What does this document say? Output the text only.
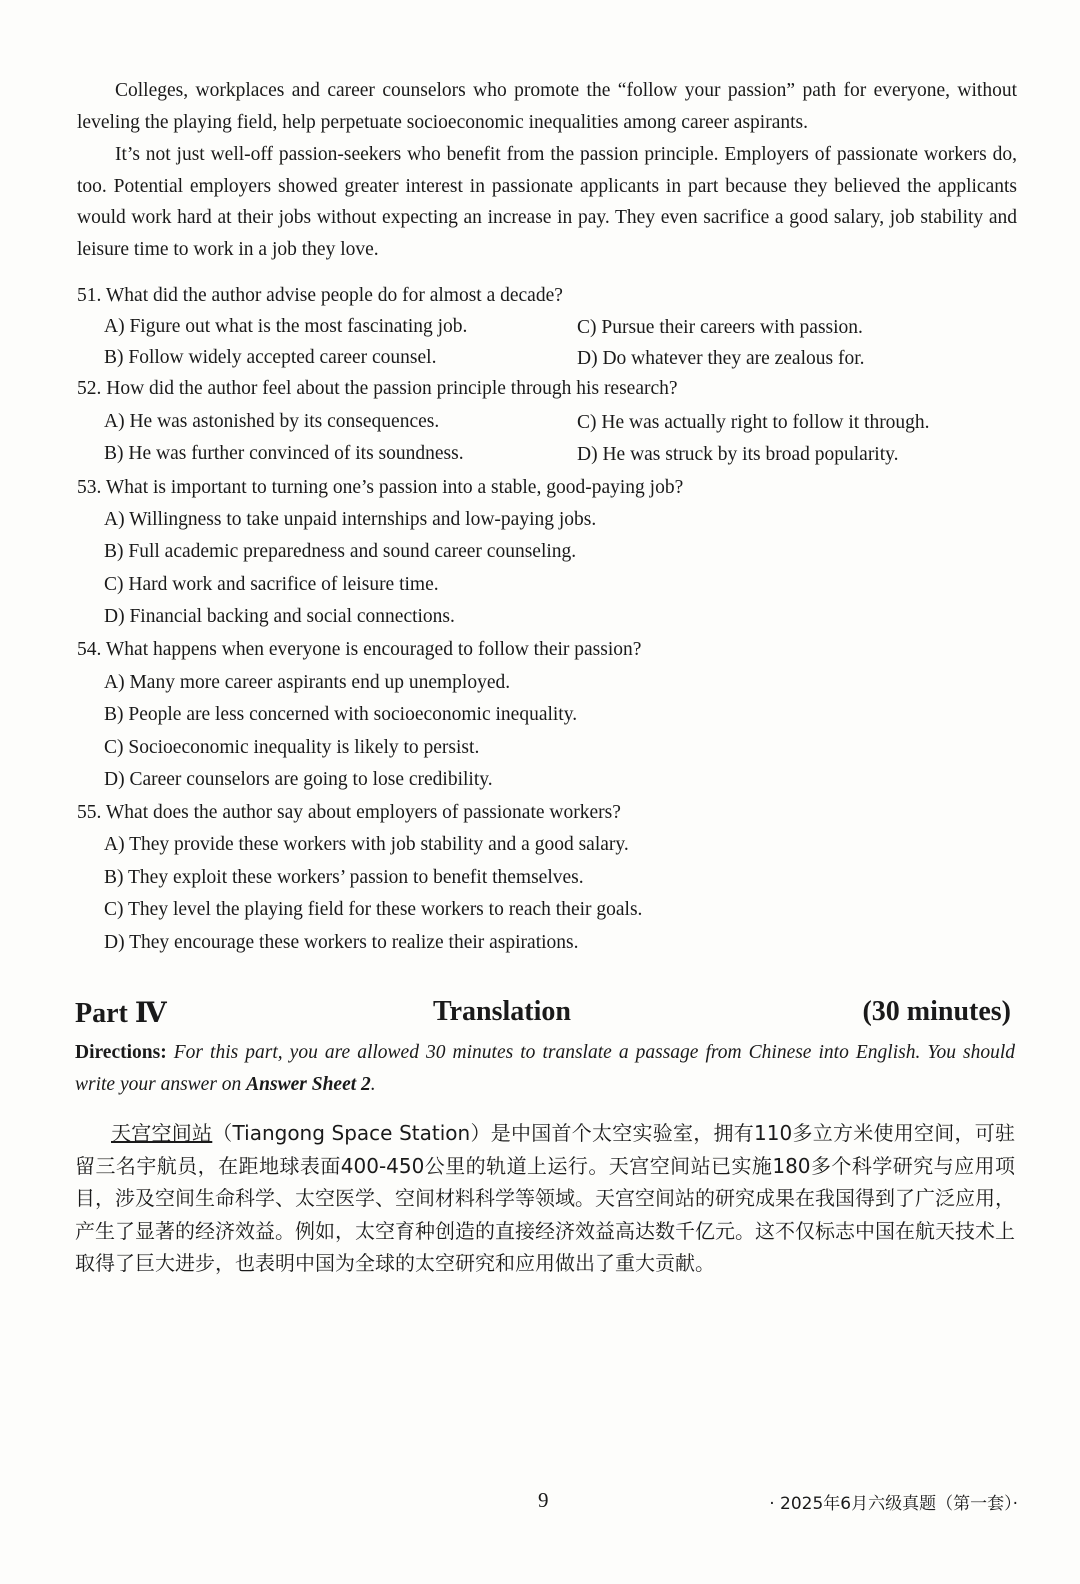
Colleges, workplaces and career counselors who promote the “follow your passion” path for everyone, without leveling the playing field, help perpetuate socioeconomic inequalities among career aspirants.

It’s not just well-off passion-seekers who benefit from the passion principle. Employers of passionate workers do, too. Potential employers showed greater interest in passionate applicants in part because they believed the applicants would work hard at their jobs without expecting an increase in pay. They even sacrifice a good salary, job stability and leisure time to work in a job they love.

51. What did the author advise people do for almost a decade?

A) Figure out what is the most fascinating job.	C) Pursue their careers with passion.

B) Follow widely accepted career counsel.	D) Do whatever they are zealous for.

52. How did the author feel about the passion principle through his research?

A) He was astonished by its consequences.	C) He was actually right to follow it through.

B) He was further convinced of its soundness.	D) He was struck by its broad popularity.

53. What is important to turning one’s passion into a stable, good-paying job?

A) Willingness to take unpaid internships and low-paying jobs.

B) Full academic preparedness and sound career counseling.

C) Hard work and sacrifice of leisure time.

D) Financial backing and social connections.

54. What happens when everyone is encouraged to follow their passion?

A) Many more career aspirants end up unemployed.

B) People are less concerned with socioeconomic inequality.

C) Socioeconomic inequality is likely to persist.

D) Career counselors are going to lose credibility.

55. What does the author say about employers of passionate workers?

A) They provide these workers with job stability and a good salary.

B) They exploit these workers’ passion to benefit themselves.

C) They level the playing field for these workers to reach their goals.

D) They encourage these workers to realize their aspirations.

Part Ⅳ	Translation	(30 minutes)

Directions: For this part, you are allowed 30 minutes to translate a passage from Chinese into English. You should write your answer on Answer Sheet 2.

天宫空间站（Tiangong Space Station）是中国首个太空实验室，拥有110多立方米使用空间，可驻留三名宇航员，在距地球表面400-450公里的轨道上运行。天宫空间站已实施180多个科学研究与应用项目，涉及空间生命科学、太空医学、空间材料科学等领域。天宫空间站的研究成果在我国得到了广泛应用，产生了显著的经济效益。例如，太空育种创造的直接经济效益高达数千亿元。这不仅标志中国在航天技术上取得了巨大进步，也表明中国为全球的太空研究和应用做出了重大贡献。

9	· 2025年6月六级真题（第一套）·
